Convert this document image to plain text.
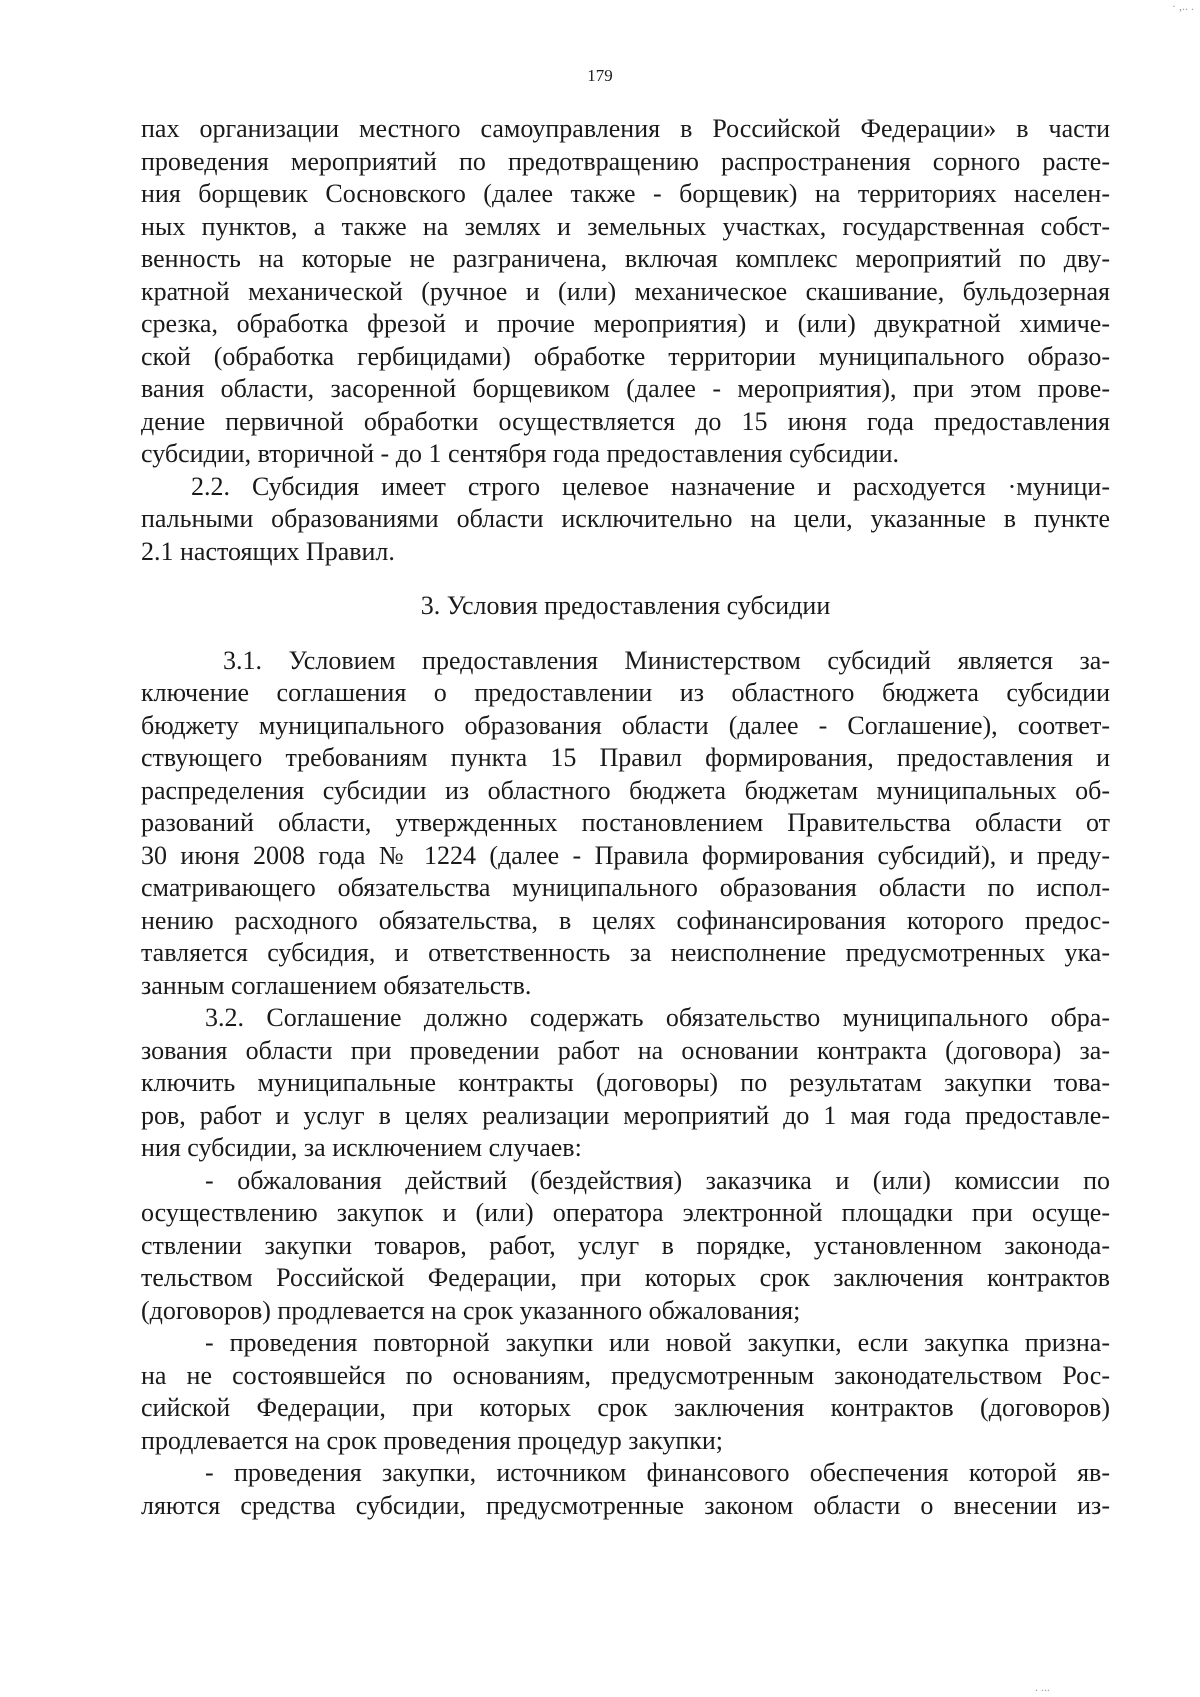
· ,.. .
179
пах организации местного самоуправления в Российской Федерации» в части
проведения мероприятий по предотвращению распространения сорного расте-
ния борщевик Сосновского (далее также - борщевик) на территориях населен-
ных пунктов, а также на землях и земельных участках, государственная собст-
венность на которые не разграничена, включая комплекс мероприятий по дву-
кратной механической (ручное и (или) механическое скашивание, бульдозерная
срезка, обработка фрезой и прочие мероприятия) и (или) двукратной химиче-
ской (обработка гербицидами) обработке территории муниципального образо-
вания области, засоренной борщевиком (далее - мероприятия), при этом прове-
дение первичной обработки осуществляется до 15 июня года предоставления
субсидии, вторичной - до 1 сентября года предоставления субсидии.
2.2. Субсидия имеет строго целевое назначение и расходуется ·муници-
пальными образованиями области исключительно на цели, указанные в пункте
2.1 настоящих Правил.
3. Условия предоставления субсидии
3.1. Условием предоставления Министерством субсидий является за-
ключение соглашения о предоставлении из областного бюджета субсидии
бюджету муниципального образования области (далее - Соглашение), соответ-
ствующего требованиям пункта 15 Правил формирования, предоставления и
распределения субсидии из областного бюджета бюджетам муниципальных об-
разований области, утвержденных постановлением Правительства области от
30 июня 2008 года № 1224 (далее - Правила формирования субсидий), и преду-
сматривающего обязательства муниципального образования области по испол-
нению расходного обязательства, в целях софинансирования которого предос-
тавляется субсидия, и ответственность за неисполнение предусмотренных ука-
занным соглашением обязательств.
3.2. Соглашение должно содержать обязательство муниципального обра-
зования области при проведении работ на основании контракта (договора) за-
ключить муниципальные контракты (договоры) по результатам закупки това-
ров, работ и услуг в целях реализации мероприятий до 1 мая года предоставле-
ния субсидии, за исключением случаев:
- обжалования действий (бездействия) заказчика и (или) комиссии по
осуществлению закупок и (или) оператора электронной площадки при осуще-
ствлении закупки товаров, работ, услуг в порядке, установленном законода-
тельством Российской Федерации, при которых срок заключения контрактов
(договоров) продлевается на срок указанного обжалования;
- проведения повторной закупки или новой закупки, если закупка призна-
на не состоявшейся по основаниям, предусмотренным законодательством Рос-
сийской Федерации, при которых срок заключения контрактов (договоров)
продлевается на срок проведения процедур закупки;
- проведения закупки, источником финансового обеспечения которой яв-
ляются средства субсидии, предусмотренные законом области о внесении из-
. ...
